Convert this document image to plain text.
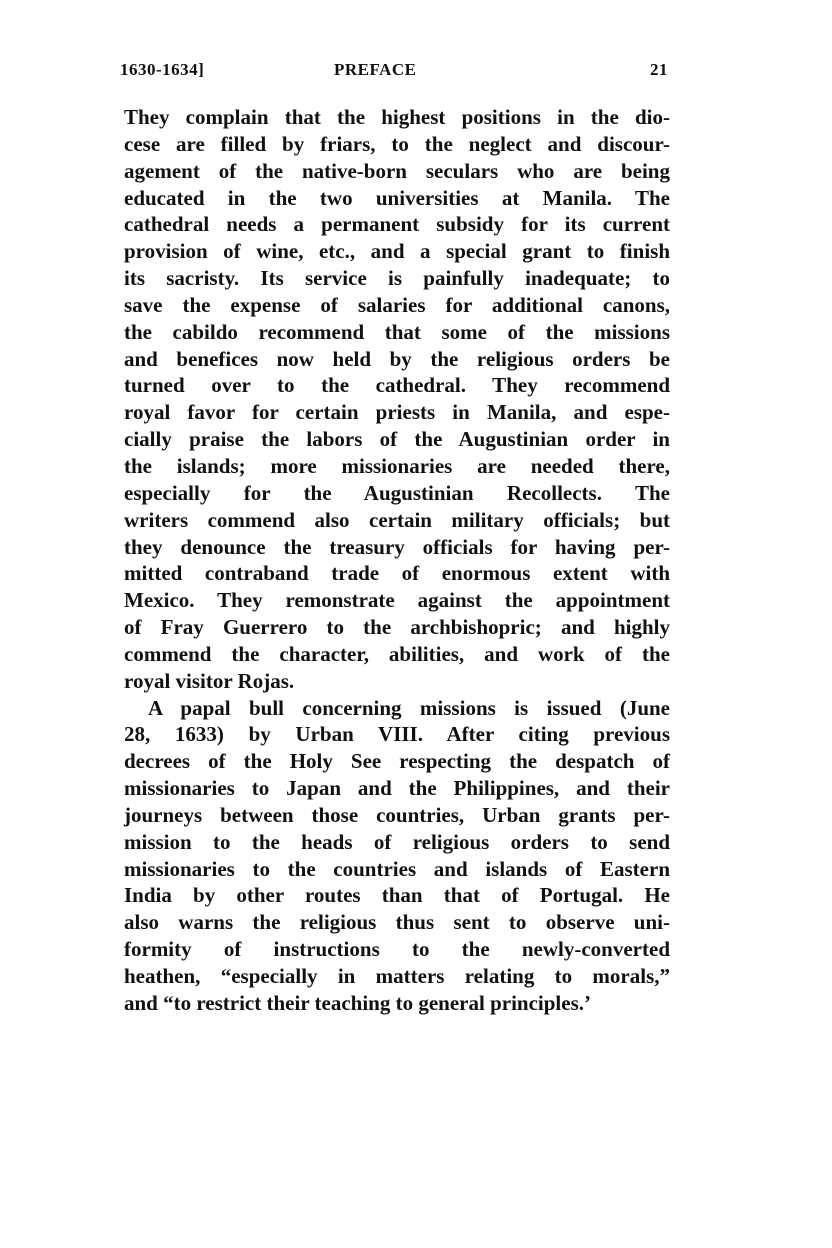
1630-1634]	PREFACE	21
They complain that the highest positions in the dio-
cese are filled by friars, to the neglect and discour-
agement of the native-born seculars who are being
educated in the two universities at Manila. The
cathedral needs a permanent subsidy for its current
provision of wine, etc., and a special grant to finish
its sacristy. Its service is painfully inadequate; to
save the expense of salaries for additional canons,
the cabildo recommend that some of the missions
and benefices now held by the religious orders be
turned over to the cathedral. They recommend
royal favor for certain priests in Manila, and espe-
cially praise the labors of the Augustinian order in
the islands; more missionaries are needed there,
especially for the Augustinian Recollects. The
writers commend also certain military officials; but
they denounce the treasury officials for having per-
mitted contraband trade of enormous extent with
Mexico. They remonstrate against the appointment
of Fray Guerrero to the archbishopric; and highly
commend the character, abilities, and work of the
royal visitor Rojas.
A papal bull concerning missions is issued (June
28, 1633) by Urban VIII. After citing previous
decrees of the Holy See respecting the despatch of
missionaries to Japan and the Philippines, and their
journeys between those countries, Urban grants per-
mission to the heads of religious orders to send
missionaries to the countries and islands of Eastern
India by other routes than that of Portugal. He
also warns the religious thus sent to observe uni-
formity of instructions to the newly-converted
heathen, “especially in matters relating to morals,”
and “to restrict their teaching to general principles.’
